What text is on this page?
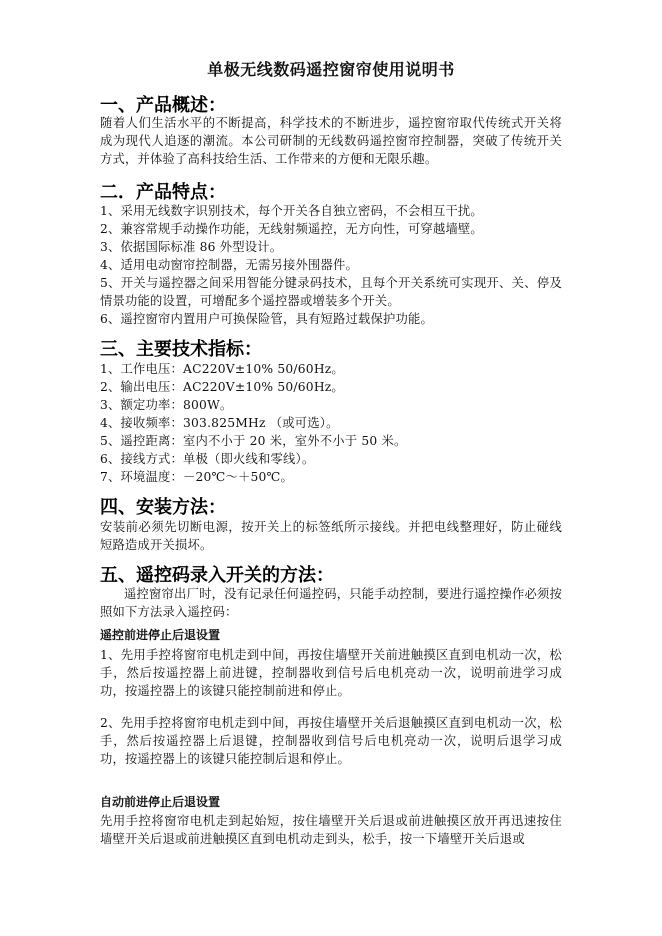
单极无线数码遥控窗帘使用说明书
一、产品概述：
随着人们生活水平的不断提高，科学技术的不断进步，遥控窗帘取代传统式开关将成为现代人追逐的潮流。本公司研制的无线数码遥控窗帘控制器，突破了传统开关方式，并体验了高科技给生活、工作带来的方便和无限乐趣。
二．产品特点：
1、采用无线数字识别技术，每个开关各自独立密码，不会相互干扰。
2、兼容常规手动操作功能，无线射频遥控，无方向性，可穿越墙壁。
3、依据国际标准 86 外型设计。
4、适用电动窗帘控制器，无需另接外围器件。
5、开关与遥控器之间采用智能分键录码技术，且每个开关系统可实现开、关、停及情景功能的设置，可增配多个遥控器或增装多个开关。
6、遥控窗帘内置用户可换保险管，具有短路过载保护功能。
三、主要技术指标：
1、工作电压：AC220V±10% 50/60Hz。
2、输出电压：AC220V±10% 50/60Hz。
3、额定功率：800W。
4、接收频率：303.825MHz （或可选）。
5、遥控距离：室内不小于 20 米，室外不小于 50 米。
6、接线方式：单极（即火线和零线）。
7、环境温度：－20℃～＋50℃。
四、安装方法：
安装前必须先切断电源，按开关上的标签纸所示接线。并把电线整理好，防止碰线短路造成开关损坏。
五、遥控码录入开关的方法：
遥控窗帘出厂时，没有记录任何遥控码，只能手动控制，要进行遥控操作必须按照如下方法录入遥控码：
遥控前进停止后退设置
1、先用手控将窗帘电机走到中间，再按住墙壁开关前进触摸区直到电机动一次，松手，然后按遥控器上前进键，控制器收到信号后电机亮动一次，说明前进学习成功，按遥控器上的该键只能控制前进和停止。
2、先用手控将窗帘电机走到中间，再按住墙壁开关后退触摸区直到电机动一次，松手，然后按遥控器上后退键，控制器收到信号后电机亮动一次，说明后退学习成功，按遥控器上的该键只能控制后退和停止。
自动前进停止后退设置
先用手控将窗帘电机走到起始短，按住墙壁开关后退或前进触摸区放开再迅速按住墙壁开关后退或前进触摸区直到电机动走到头，松手，按一下墙壁开关后退或
